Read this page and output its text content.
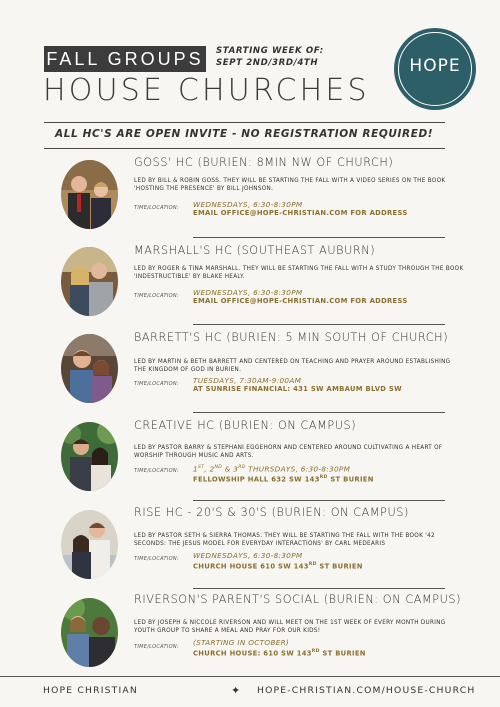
FALL GROUPS STARTING WEEK OF:
SEPT 2ND/3RD/4TH
HOUSE CHURCHES
HOPE
ALL HC'S ARE OPEN INVITE - NO REGISTRATION REQUIRED!
GOSS' HC (BURIEN: 8MIN NW OF CHURCH)
LED BY BILL & ROBIN GOSS. THEY WILL BE STARTING THE FALL WITH A VIDEO SERIES ON THE BOOK 'HOSTING THE PRESENCE' BY BILL JOHNSON.
TIME/LOCATION: WEDNESDAYS, 6:30-8:30PM
EMAIL OFFICE@HOPE-CHRISTIAN.COM FOR ADDRESS
MARSHALL'S HC (SOUTHEAST AUBURN)
LED BY ROGER & TINA MARSHALL. THEY WILL BE STARTING THE FALL WITH A STUDY THROUGH THE BOOK 'INDESTRUCTIBLE' BY BLAKE HEALY.
TIME/LOCATION: WEDNESDAYS, 6:30-8:30PM
EMAIL OFFICE@HOPE-CHRISTIAN.COM FOR ADDRESS
BARRETT'S HC (BURIEN: 5 MIN SOUTH OF CHURCH)
LED BY MARTIN & BETH BARRETT AND CENTERED ON TEACHING AND PRAYER AROUND ESTABLISHING THE KINGDOM OF GOD IN BURIEN.
TIME/LOCATION: TUESDAYS, 7:30AM-9:00AM
AT SUNRISE FINANCIAL: 431 SW AMBAUM BLVD SW
CREATIVE HC (BURIEN: ON CAMPUS)
LED BY PASTOR BARRY & STEPHANI EGGEHORN AND CENTERED AROUND CULTIVATING A HEART OF WORSHIP THROUGH MUSIC AND ARTS.
TIME/LOCATION: 1ST, 2ND & 3RD THURSDAYS, 6:30-8:30PM
FELLOWSHIP HALL 632 SW 143RD ST BURIEN
RISE HC - 20'S & 30'S (BURIEN: ON CAMPUS)
LED BY PASTOR SETH & SIERRA THOMAS. THEY WILL BE STARTING THE FALL WITH THE BOOK '42 SECONDS: THE JESUS MODEL FOR EVERYDAY INTERACTIONS' BY CARL MEDEARIS
TIME/LOCATION: WEDNESDAYS, 6:30-8:30PM
CHURCH HOUSE 610 SW 143RD ST BURIEN
RIVERSON'S PARENT'S SOCIAL (BURIEN: ON CAMPUS)
LED BY JOSEPH & NICCOLE RIVERSON AND WILL MEET ON THE 1ST WEEK OF EVERY MONTH DURING YOUTH GROUP TO SHARE A MEAL AND PRAY FOR OUR KIDS!
TIME/LOCATION: (STARTING IN OCTOBER)
CHURCH HOUSE: 610 SW 143RD ST BURIEN
HOPE CHRISTIAN	✦ HOPE-CHRISTIAN.COM/HOUSE-CHURCH
